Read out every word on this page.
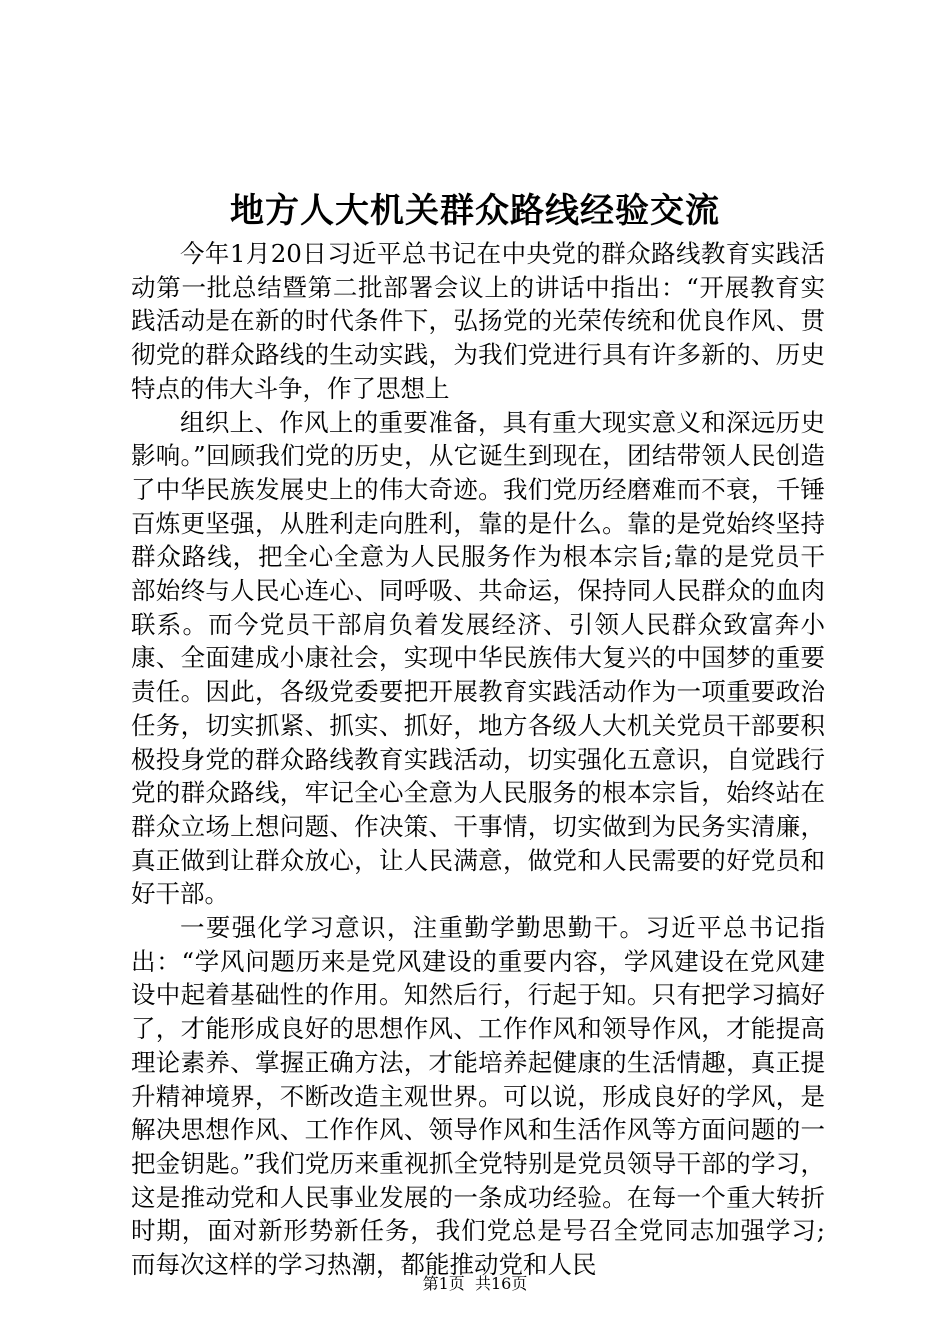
地方人大机关群众路线经验交流

今年1月20日习近平总书记在中央党的群众路线教育实践活动第一批总结暨第二批部署会议上的讲话中指出：“开展教育实践活动是在新的时代条件下，弘扬党的光荣传统和优良作风、贯彻党的群众路线的生动实践，为我们党进行具有许多新的、历史特点的伟大斗争，作了思想上

组织上、作风上的重要准备，具有重大现实意义和深远历史影响。”回顾我们党的历史，从它诞生到现在，团结带领人民创造了中华民族发展史上的伟大奇迹。我们党历经磨难而不衰，千锤百炼更坚强，从胜利走向胜利，靠的是什么。靠的是党始终坚持群众路线，把全心全意为人民服务作为根本宗旨;靠的是党员干部始终与人民心连心、同呼吸、共命运，保持同人民群众的血肉联系。而今党员干部肩负着发展经济、引领人民群众致富奔小康、全面建成小康社会，实现中华民族伟大复兴的中国梦的重要责任。因此，各级党委要把开展教育实践活动作为一项重要政治任务，切实抓紧、抓实、抓好，地方各级人大机关党员干部要积极投身党的群众路线教育实践活动，切实强化五意识，自觉践行党的群众路线，牢记全心全意为人民服务的根本宗旨，始终站在群众立场上想问题、作决策、干事情，切实做到为民务实清廉，真正做到让群众放心，让人民满意，做党和人民需要的好党员和好干部。

一要强化学习意识，注重勤学勤思勤干。习近平总书记指出：“学风问题历来是党风建设的重要内容，学风建设在党风建设中起着基础性的作用。知然后行，行起于知。只有把学习搞好了，才能形成良好的思想作风、工作作风和领导作风，才能提高理论素养、掌握正确方法，才能培养起健康的生活情趣，真正提升精神境界，不断改造主观世界。可以说，形成良好的学风，是解决思想作风、工作作风、领导作风和生活作风等方面问题的一把金钥匙。”我们党历来重视抓全党特别是党员领导干部的学习，这是推动党和人民事业发展的一条成功经验。在每一个重大转折时期，面对新形势新任务，我们党总是号召全党同志加强学习;而每次这样的学习热潮，都能推动党和人民

第1页 共16页
